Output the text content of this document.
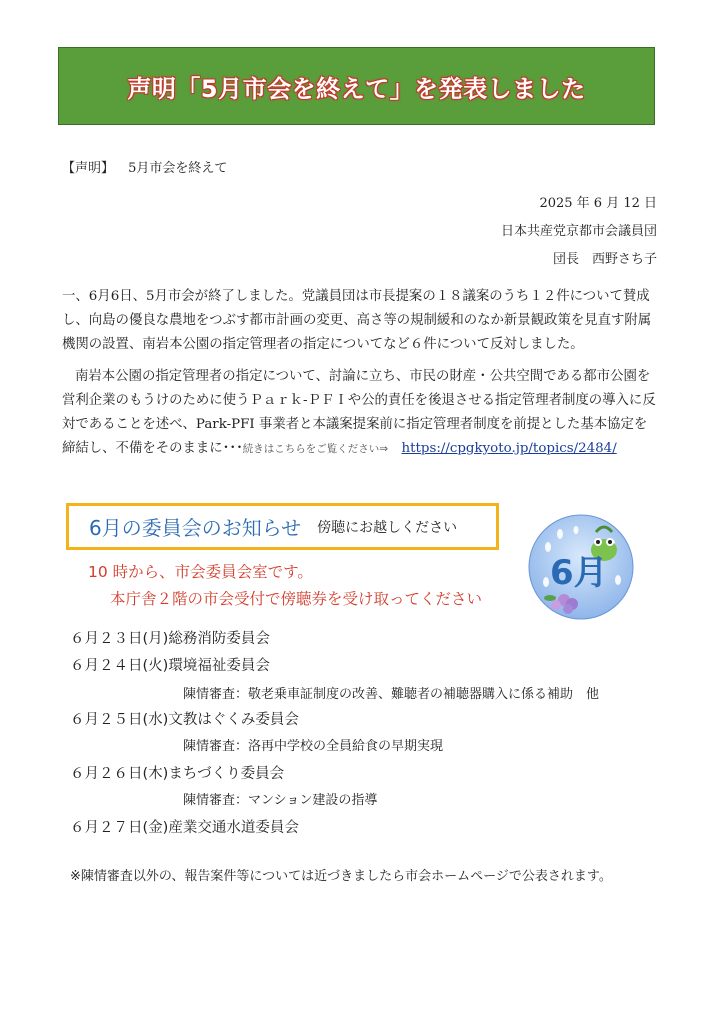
声明「5月市会を終えて」を発表しました
【声明】 5月市会を終えて
2025 年 6 月 12 日
日本共産党京都市会議員団
団長　西野さち子

一、6月6日、5月市会が終了しました。党議員団は市長提案の１８議案のうち１２件について賛成し、向島の優良な農地をつぶす都市計画の変更、高さ等の規制緩和のなか新景観政策を見直す附属機関の設置、南岩本公園の指定管理者の指定についてなど６件について反対しました。

南岩本公園の指定管理者の指定について、討論に立ち、市民の財産・公共空間である都市公園を営利企業のもうけのために使うＰａｒｋ‐ＰＦＩや公的責任を後退させる指定管理者制度の導入に反対であることを述べ、Park-PFI 事業者と本議案提案前に指定管理者制度を前提とした基本協定を締結し、不備をそのままに･･･続きはこちらをご覧ください⇒　 https://cpgkyoto.jp/topics/2484/

6月の委員会のお知らせ 傍聴にお越しください
6月
10 時から、市会委員会室です。
本庁舎２階の市会受付で傍聴券を受け取ってください
６月２３日(月)総務消防委員会
６月２４日(火)環境福祉委員会
陳情審査：敬老乗車証制度の改善、難聴者の補聴器購入に係る補助　他
６月２５日(水)文教はぐくみ委員会
陳情審査：洛再中学校の全員給食の早期実現
６月２６日(木)まちづくり委員会
陳情審査：マンション建設の指導
６月２７日(金)産業交通水道委員会
※陳情審査以外の、報告案件等については近づきましたら市会ホームページで公表されます。
